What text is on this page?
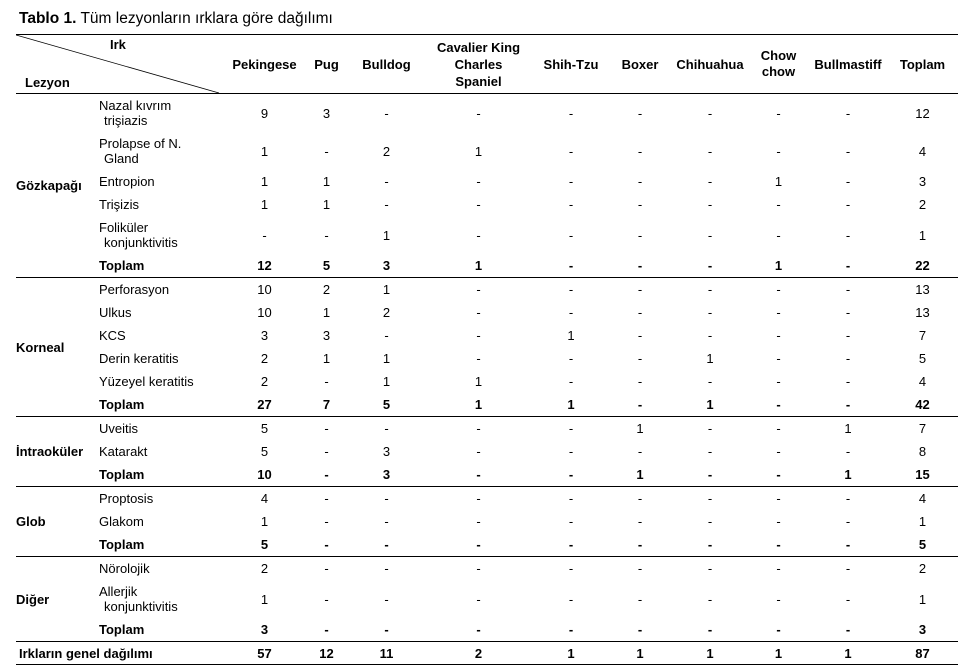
Tablo 1. Tüm lezyonların ırklara göre dağılımı
Irk
Lezyon		Pekingese	Pug	Bulldog	Cavalier King
Charles
Spaniel	Shih-Tzu	Boxer	Chihuahua	Chow
chow	Bullmastiff	Toplam
Gözkapağı	Nazal kıvrım
trişiazis	9	3	-	-	-	-	-	-	-	12

	Prolapse of N.
Gland	1	-	2	1	-	-	-	-	-	4
	Entropion	1	1	-	-	-	-	-	1	-	3
	Trişizis	1	1	-	-	-	-	-	-	-	2

	Foliküler
konjunktivitis	-	-	1	-	-	-	-	-	-	1
	Toplam	12	5	3	1	-	-	-	1	-	22
Korneal	Perforasyon	10	2	1	-	-	-	-	-	-	13
	Ulkus	10	1	2	-	-	-	-	-	-	13
	KCS	3	3	-	-	1	-	-	-	-	7
	Derin keratitis	2	1	1	-	-	-	1	-	-	5
	Yüzeyel keratitis	2	-	1	1	-	-	-	-	-	4
	Toplam	27	7	5	1	1	-	1	-	-	42
İntraoküler	Uveitis	5	-	-	-	-	1	-	-	1	7
	Katarakt	5	-	3	-	-	-	-	-	-	8
	Toplam	10	-	3	-	-	1	-	-	1	15
Glob	Proptosis	4	-	-	-	-	-	-	-	-	4
	Glakom	1	-	-	-	-	-	-	-	-	1
	Toplam	5	-	-	-	-	-	-	-	-	5
Diğer	Nörolojik	2	-	-	-	-	-	-	-	-	2

	Allerjik
konjunktivitis	1	-	-	-	-	-	-	-	-	1
	Toplam	3	-	-	-	-	-	-	-	-	3
Irkların genel dağılımı		57	12	11	2	1	1	1	1	1	87
